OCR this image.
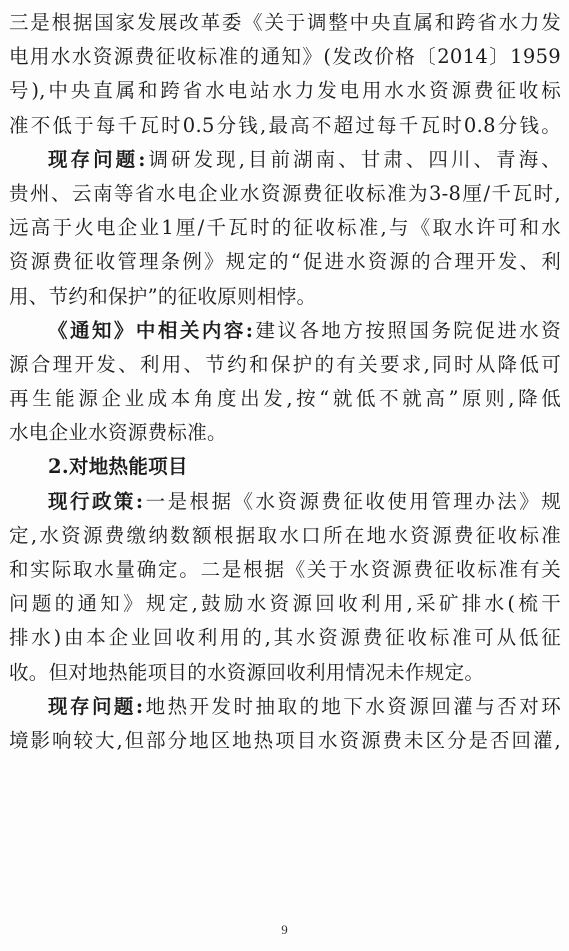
三是根据国家发展改革委《关于调整中央直属和跨省水力发
电用水水资源费征收标准的通知》(发改价格〔2014〕1959
号),中央直属和跨省水电站水力发电用水水资源费征收标
准不低于每千瓦时0.5分钱,最高不超过每千瓦时0.8分钱。
现存问题:调研发现,目前湖南、甘肃、四川、青海、
贵州、云南等省水电企业水资源费征收标准为3-8厘/千瓦时,
远高于火电企业1厘/千瓦时的征收标准,与《取水许可和水
资源费征收管理条例》规定的“促进水资源的合理开发、利
用、节约和保护”的征收原则相悖。
《通知》中相关内容:建议各地方按照国务院促进水资
源合理开发、利用、节约和保护的有关要求,同时从降低可
再生能源企业成本角度出发,按“就低不就高”原则,降低
水电企业水资源费标准。
2.对地热能项目
现行政策:一是根据《水资源费征收使用管理办法》规
定,水资源费缴纳数额根据取水口所在地水资源费征收标准
和实际取水量确定。二是根据《关于水资源费征收标准有关
问题的通知》规定,鼓励水资源回收利用,采矿排水(梳干
排水)由本企业回收利用的,其水资源费征收标准可从低征
收。但对地热能项目的水资源回收利用情况未作规定。
现存问题:地热开发时抽取的地下水资源回灌与否对环
境影响较大,但部分地区地热项目水资源费未区分是否回灌,
9
